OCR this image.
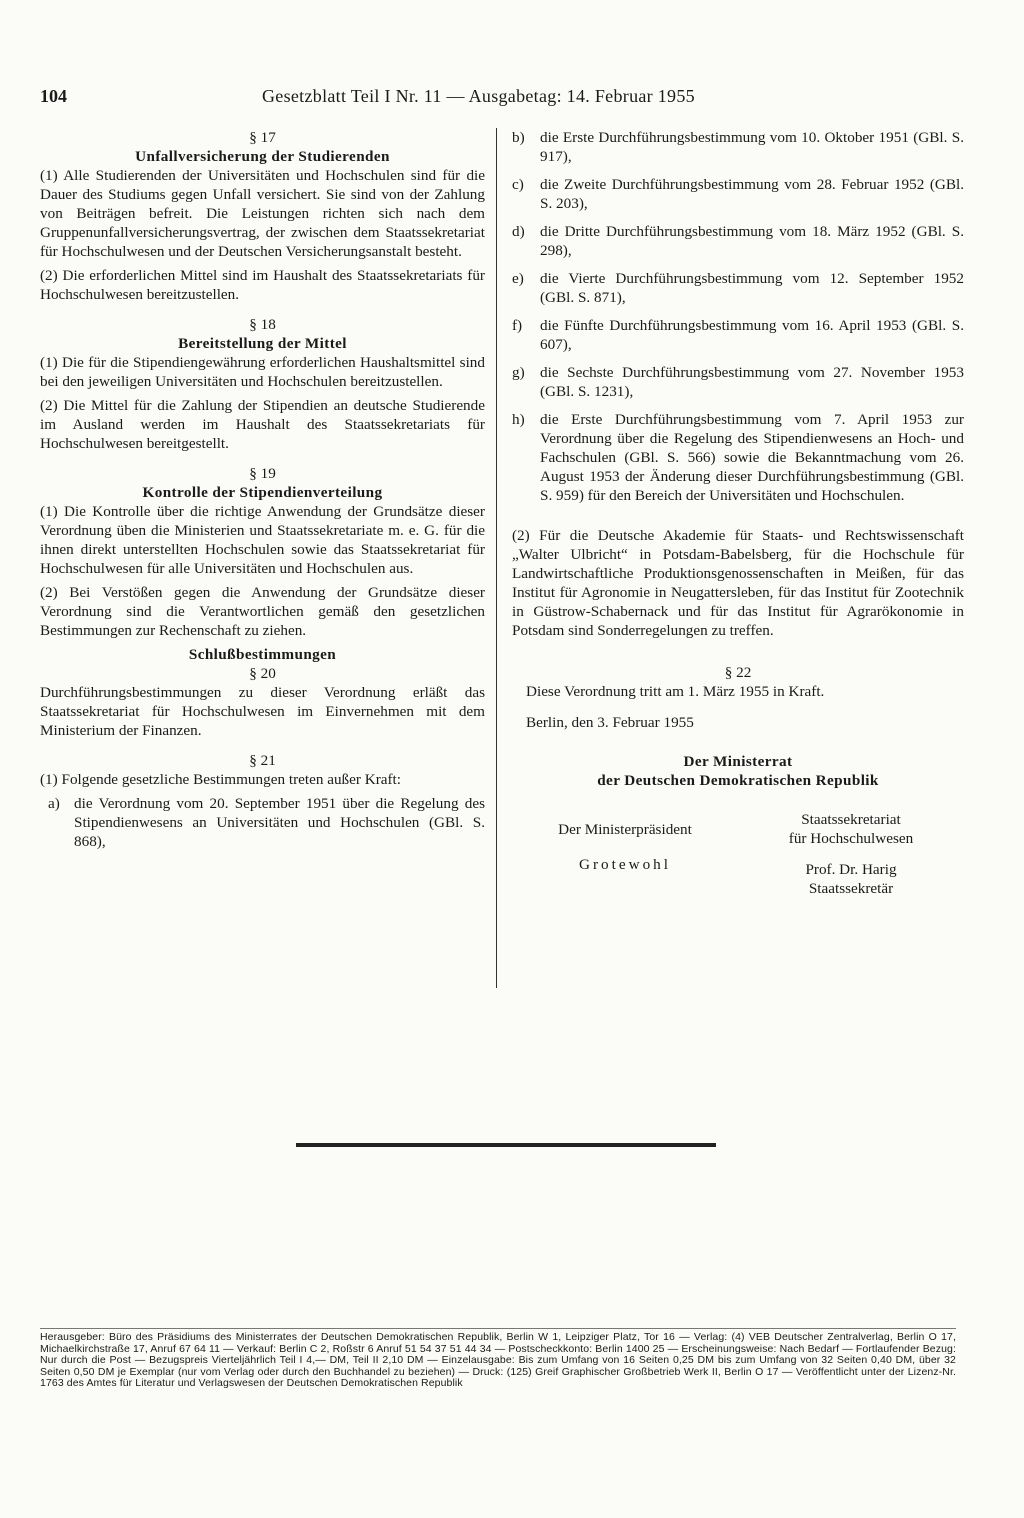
104	Gesetzblatt Teil I Nr. 11 — Ausgabetag: 14. Februar 1955

§ 17

Unfallversicherung der Studierenden

(1) Alle Studierenden der Universitäten und Hochschulen sind für die Dauer des Studiums gegen Unfall versichert. Sie sind von der Zahlung von Beiträgen befreit. Die Leistungen richten sich nach dem Gruppenunfallversicherungsvertrag, der zwischen dem Staatssekretariat für Hochschulwesen und der Deutschen Versicherungsanstalt besteht.

(2) Die erforderlichen Mittel sind im Haushalt des Staatssekretariats für Hochschulwesen bereitzustellen.

§ 18

Bereitstellung der Mittel

(1) Die für die Stipendiengewährung erforderlichen Haushaltsmittel sind bei den jeweiligen Universitäten und Hochschulen bereitzustellen.

(2) Die Mittel für die Zahlung der Stipendien an deutsche Studierende im Ausland werden im Haushalt des Staatssekretariats für Hochschulwesen bereitgestellt.

§ 19

Kontrolle der Stipendienverteilung

(1) Die Kontrolle über die richtige Anwendung der Grundsätze dieser Verordnung üben die Ministerien und Staatssekretariate m. e. G. für die ihnen direkt unterstellten Hochschulen sowie das Staatssekretariat für Hochschulwesen für alle Universitäten und Hochschulen aus.

(2) Bei Verstößen gegen die Anwendung der Grundsätze dieser Verordnung sind die Verantwortlichen gemäß den gesetzlichen Bestimmungen zur Rechenschaft zu ziehen.

Schlußbestimmungen

§ 20

Durchführungsbestimmungen zu dieser Verordnung erläßt das Staatssekretariat für Hochschulwesen im Einvernehmen mit dem Ministerium der Finanzen.

§ 21

(1) Folgende gesetzliche Bestimmungen treten außer Kraft:

a) die Verordnung vom 20. September 1951 über die Regelung des Stipendienwesens an Universitäten und Hochschulen (GBl. S. 868),
b)	die Erste Durchführungsbestimmung vom 10. Oktober 1951 (GBl. S. 917),
c)	die Zweite Durchführungsbestimmung vom 28. Februar 1952 (GBl. S. 203),
d)	die Dritte Durchführungsbestimmung vom 18. März 1952 (GBl. S. 298),
e)	die Vierte Durchführungsbestimmung vom 12. September 1952 (GBl. S. 871),
f)	die Fünfte Durchführungsbestimmung vom 16. April 1953 (GBl. S. 607),
g)	die Sechste Durchführungsbestimmung vom 27. November 1953 (GBl. S. 1231),
h)	die Erste Durchführungsbestimmung vom 7. April 1953 zur Verordnung über die Regelung des Stipendienwesens an Hoch- und Fachschulen (GBl. S. 566) sowie die Bekanntmachung vom 26. August 1953 der Änderung dieser Durchführungsbestimmung (GBl. S. 959) für den Bereich der Universitäten und Hochschulen.

(2) Für die Deutsche Akademie für Staats- und Rechtswissenschaft „Walter Ulbricht“ in Potsdam-Babelsberg, für die Hochschule für Landwirtschaftliche Produktionsgenossenschaften in Meißen, für das Institut für Agronomie in Neugattersleben, für das Institut für Zootechnik in Güstrow-Schabernack und für das Institut für Agrarökonomie in Potsdam sind Sonderregelungen zu treffen.

§ 22

Diese Verordnung tritt am 1. März 1955 in Kraft.

Berlin, den 3. Februar 1955

Der Ministerrat

der Deutschen Demokratischen Republik

Der Ministerpräsident
Grotewohl
Staatssekretariat
für Hochschulwesen
Prof. Dr. Harig
Staatssekretär
Herausgeber: Büro des Präsidiums des Ministerrates der Deutschen Demokratischen Republik, Berlin W 1, Leipziger Platz, Tor 16 — Verlag: (4) VEB Deutscher Zentralverlag, Berlin O 17, Michaelkirchstraße 17, Anruf 67 64 11 — Verkauf: Berlin C 2, Roßstr 6 Anruf 51 54 37 51 44 34 — Postscheckkonto: Berlin 1400 25 — Erscheinungsweise: Nach Bedarf — Fortlaufender Bezug: Nur durch die Post — Bezugspreis Vierteljährlich Teil I 4,— DM, Teil II 2,10 DM — Einzelausgabe: Bis zum Umfang von 16 Seiten 0,25 DM bis zum Umfang von 32 Seiten 0,40 DM, über 32 Seiten 0,50 DM je Exemplar (nur vom Verlag oder durch den Buchhandel zu beziehen) — Druck: (125) Greif Graphischer Großbetrieb Werk II, Berlin O 17 — Veröffentlicht unter der Lizenz-Nr. 1763 des Amtes für Literatur und Verlagswesen der Deutschen Demokratischen Republik
